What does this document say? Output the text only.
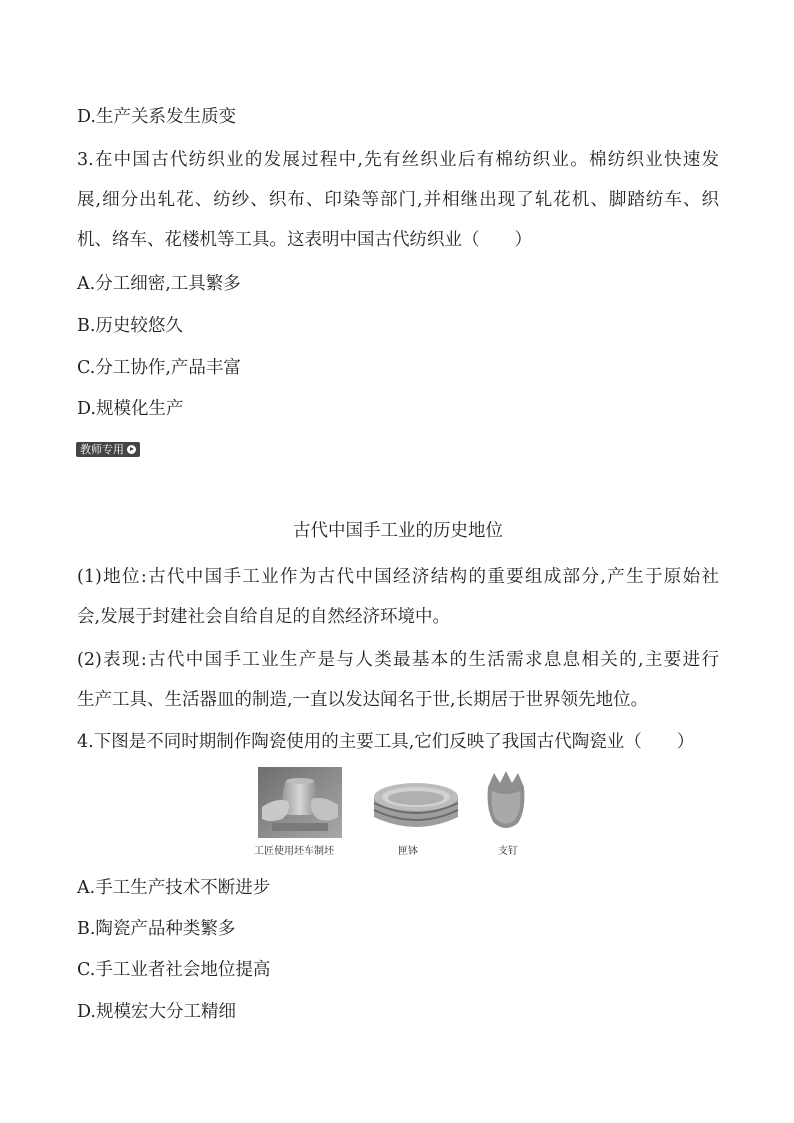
D.生产关系发生质变
3.在中国古代纺织业的发展过程中,先有丝织业后有棉纺织业。棉纺织业快速发
展,细分出轧花、纺纱、织布、印染等部门,并相继出现了轧花机、脚踏纺车、织
机、络车、花楼机等工具。这表明中国古代纺织业（　　）
A.分工细密,工具繁多
B.历史较悠久
C.分工协作,产品丰富
D.规模化生产
教师专用
古代中国手工业的历史地位
(1)地位:古代中国手工业作为古代中国经济结构的重要组成部分,产生于原始社
会,发展于封建社会自给自足的自然经济环境中。
(2)表现:古代中国手工业生产是与人类最基本的生活需求息息相关的,主要进行
生产工具、生活器皿的制造,一直以发达闻名于世,长期居于世界领先地位。
4.下图是不同时期制作陶瓷使用的主要工具,它们反映了我国古代陶瓷业（　　）
工匠使用坯车制坯	匣钵	支钉
A.手工生产技术不断进步
B.陶瓷产品种类繁多
C.手工业者社会地位提高
D.规模宏大分工精细
